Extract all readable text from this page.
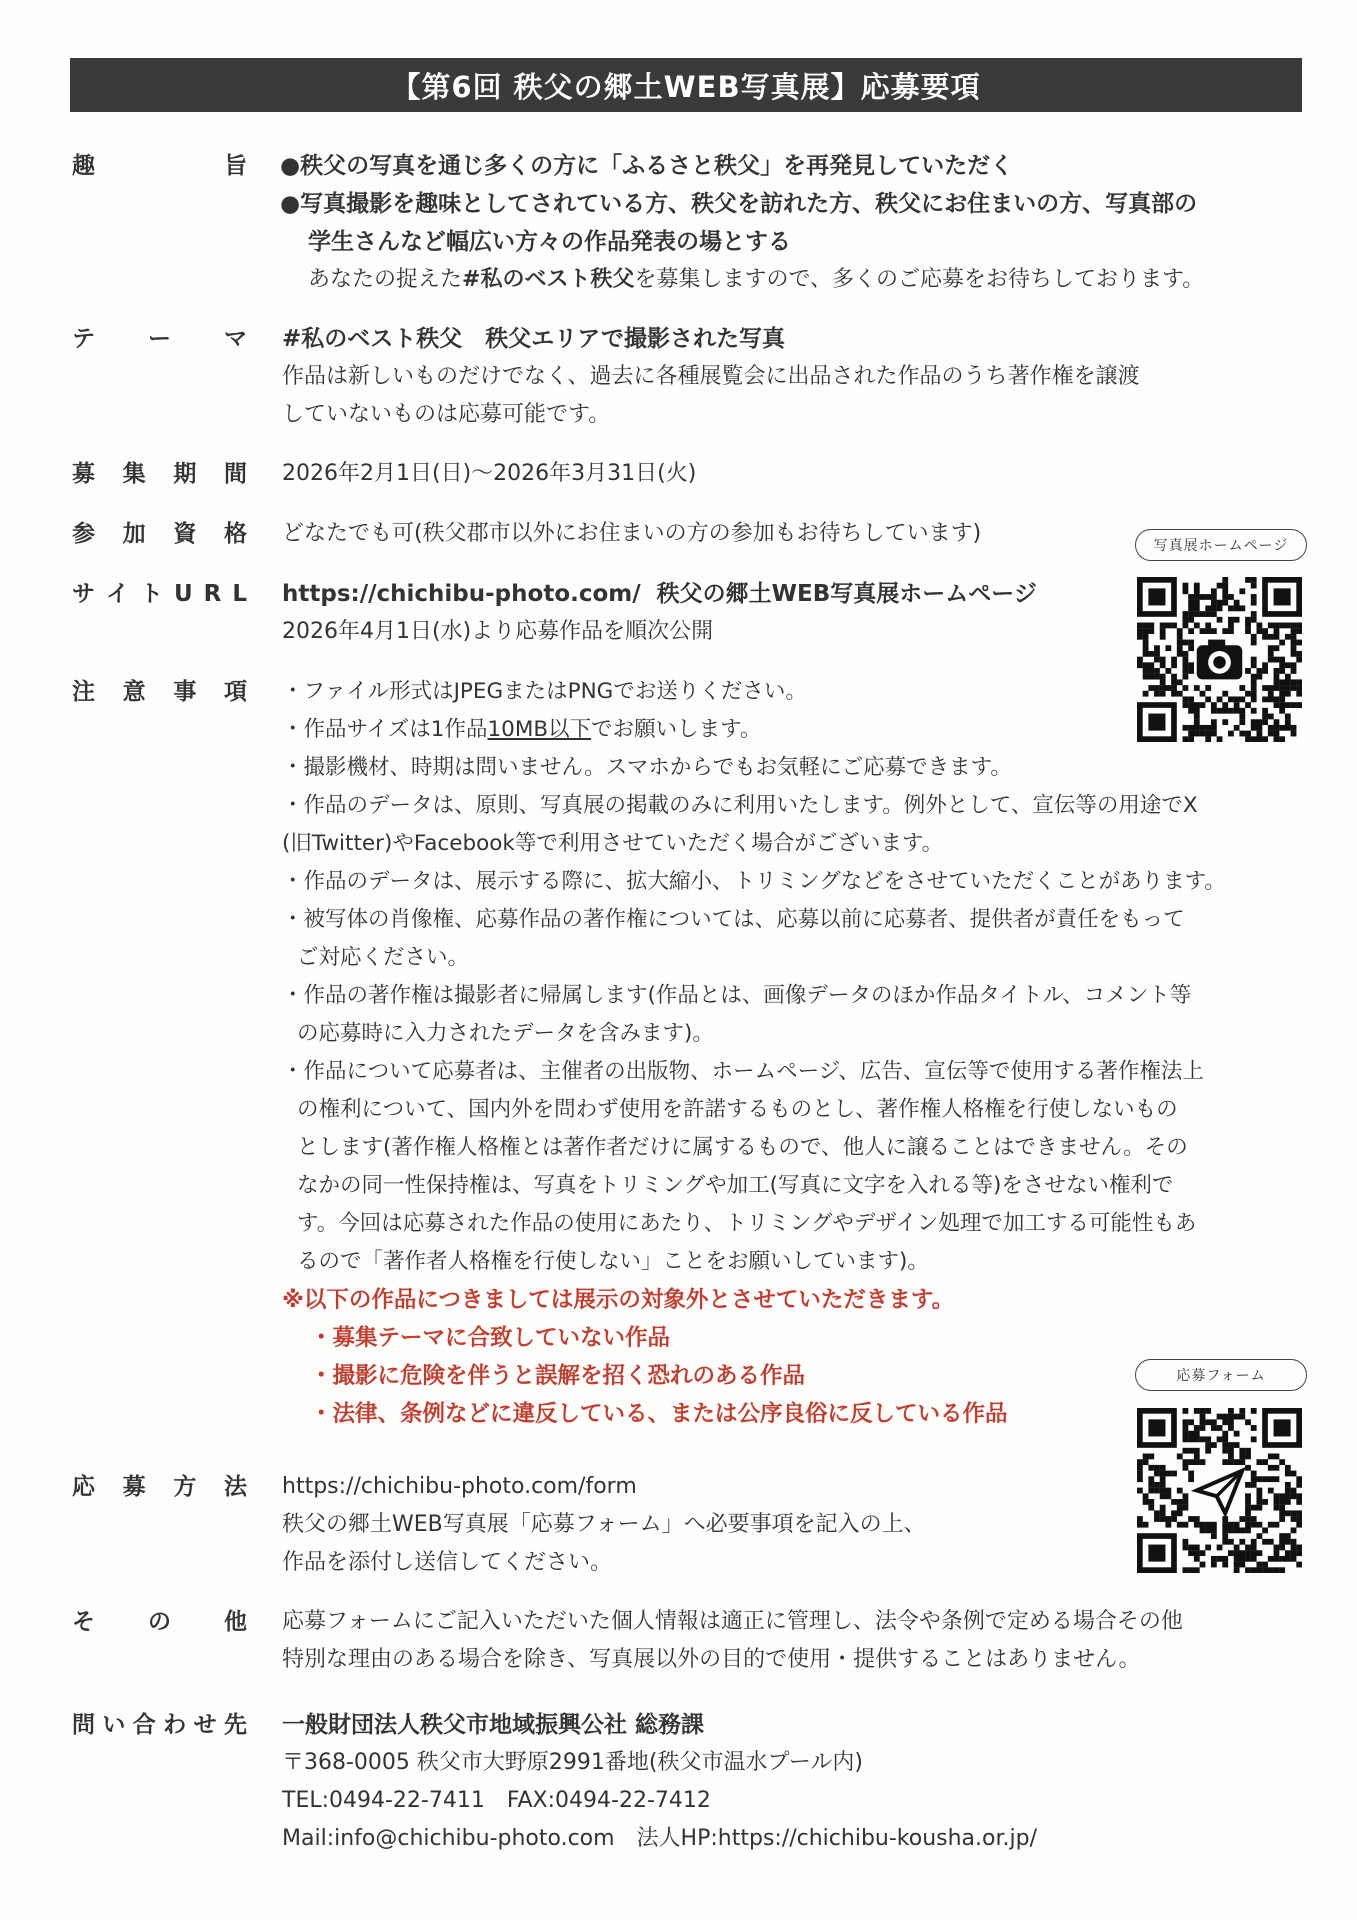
【第6回 秩父の郷土WEB写真展】応募要項
趣	旨 ●秩父の写真を通じ多くの方に「ふるさと秩父」を再発見していただく
●写真撮影を趣味としてされている方、秩父を訪れた方、秩父にお住まいの方、写真部の
学生さんなど幅広い方々の作品発表の場とする
あなたの捉えた#私のベスト秩父を募集しますので、多くのご応募をお待ちしております。
テ ー マ #私のベスト秩父　秩父エリアで撮影された写真
作品は新しいものだけでなく、過去に各種展覧会に出品された作品のうち著作権を譲渡
していないものは応募可能です。
募 集 期 間 2026年2月1日(日)〜2026年3月31日(火)
参 加 資 格 どなたでも可(秩父郡市以外にお住まいの方の参加もお待ちしています)
サ イ ト U R L https://chichibu-photo.com/ 秩父の郷土WEB写真展ホームページ
2026年4月1日(水)より応募作品を順次公開
注 意 事 項 ・ファイル形式はJPEGまたはPNGでお送りください。
・作品サイズは1作品10MB以下でお願いします。
・撮影機材、時期は問いません。スマホからでもお気軽にご応募できます。
・作品のデータは、原則、写真展の掲載のみに利用いたします。例外として、宣伝等の用途でX
(旧Twitter)やFacebook等で利用させていただく場合がございます。
・作品のデータは、展示する際に、拡大縮小、トリミングなどをさせていただくことがあります。
・被写体の肖像権、応募作品の著作権については、応募以前に応募者、提供者が責任をもって
ご対応ください。
・作品の著作権は撮影者に帰属します(作品とは、画像データのほか作品タイトル、コメント等
の応募時に入力されたデータを含みます)。
・作品について応募者は、主催者の出版物、ホームページ、広告、宣伝等で使用する著作権法上
の権利について、国内外を問わず使用を許諾するものとし、著作権人格権を行使しないもの
とします(著作権人格権とは著作者だけに属するもので、他人に譲ることはできません。その
なかの同一性保持権は、写真をトリミングや加工(写真に文字を入れる等)をさせない権利で
す。今回は応募された作品の使用にあたり、トリミングやデザイン処理で加工する可能性もあ
るので「著作者人格権を行使しない」ことをお願いしています)。
※以下の作品につきましては展示の対象外とさせていただきます。
・募集テーマに合致していない作品
・撮影に危険を伴うと誤解を招く恐れのある作品
・法律、条例などに違反している、または公序良俗に反している作品
応 募 方 法 https://chichibu-photo.com/form
秩父の郷土WEB写真展「応募フォーム」へ必要事項を記入の上、
作品を添付し送信してください。
そ の 他 応募フォームにご記入いただいた個人情報は適正に管理し、法令や条例で定める場合その他
特別な理由のある場合を除き、写真展以外の目的で使用・提供することはありません。
問 い 合 わ せ 先 一般財団法人秩父市地域振興公社 総務課
〒368-0005 秩父市大野原2991番地(秩父市温水プール内)
TEL:0494-22-7411　FAX:0494-22-7412
Mail:info@chichibu-photo.com　法人HP:https://chichibu-kousha.or.jp/
写真展ホームページ
応募フォーム
